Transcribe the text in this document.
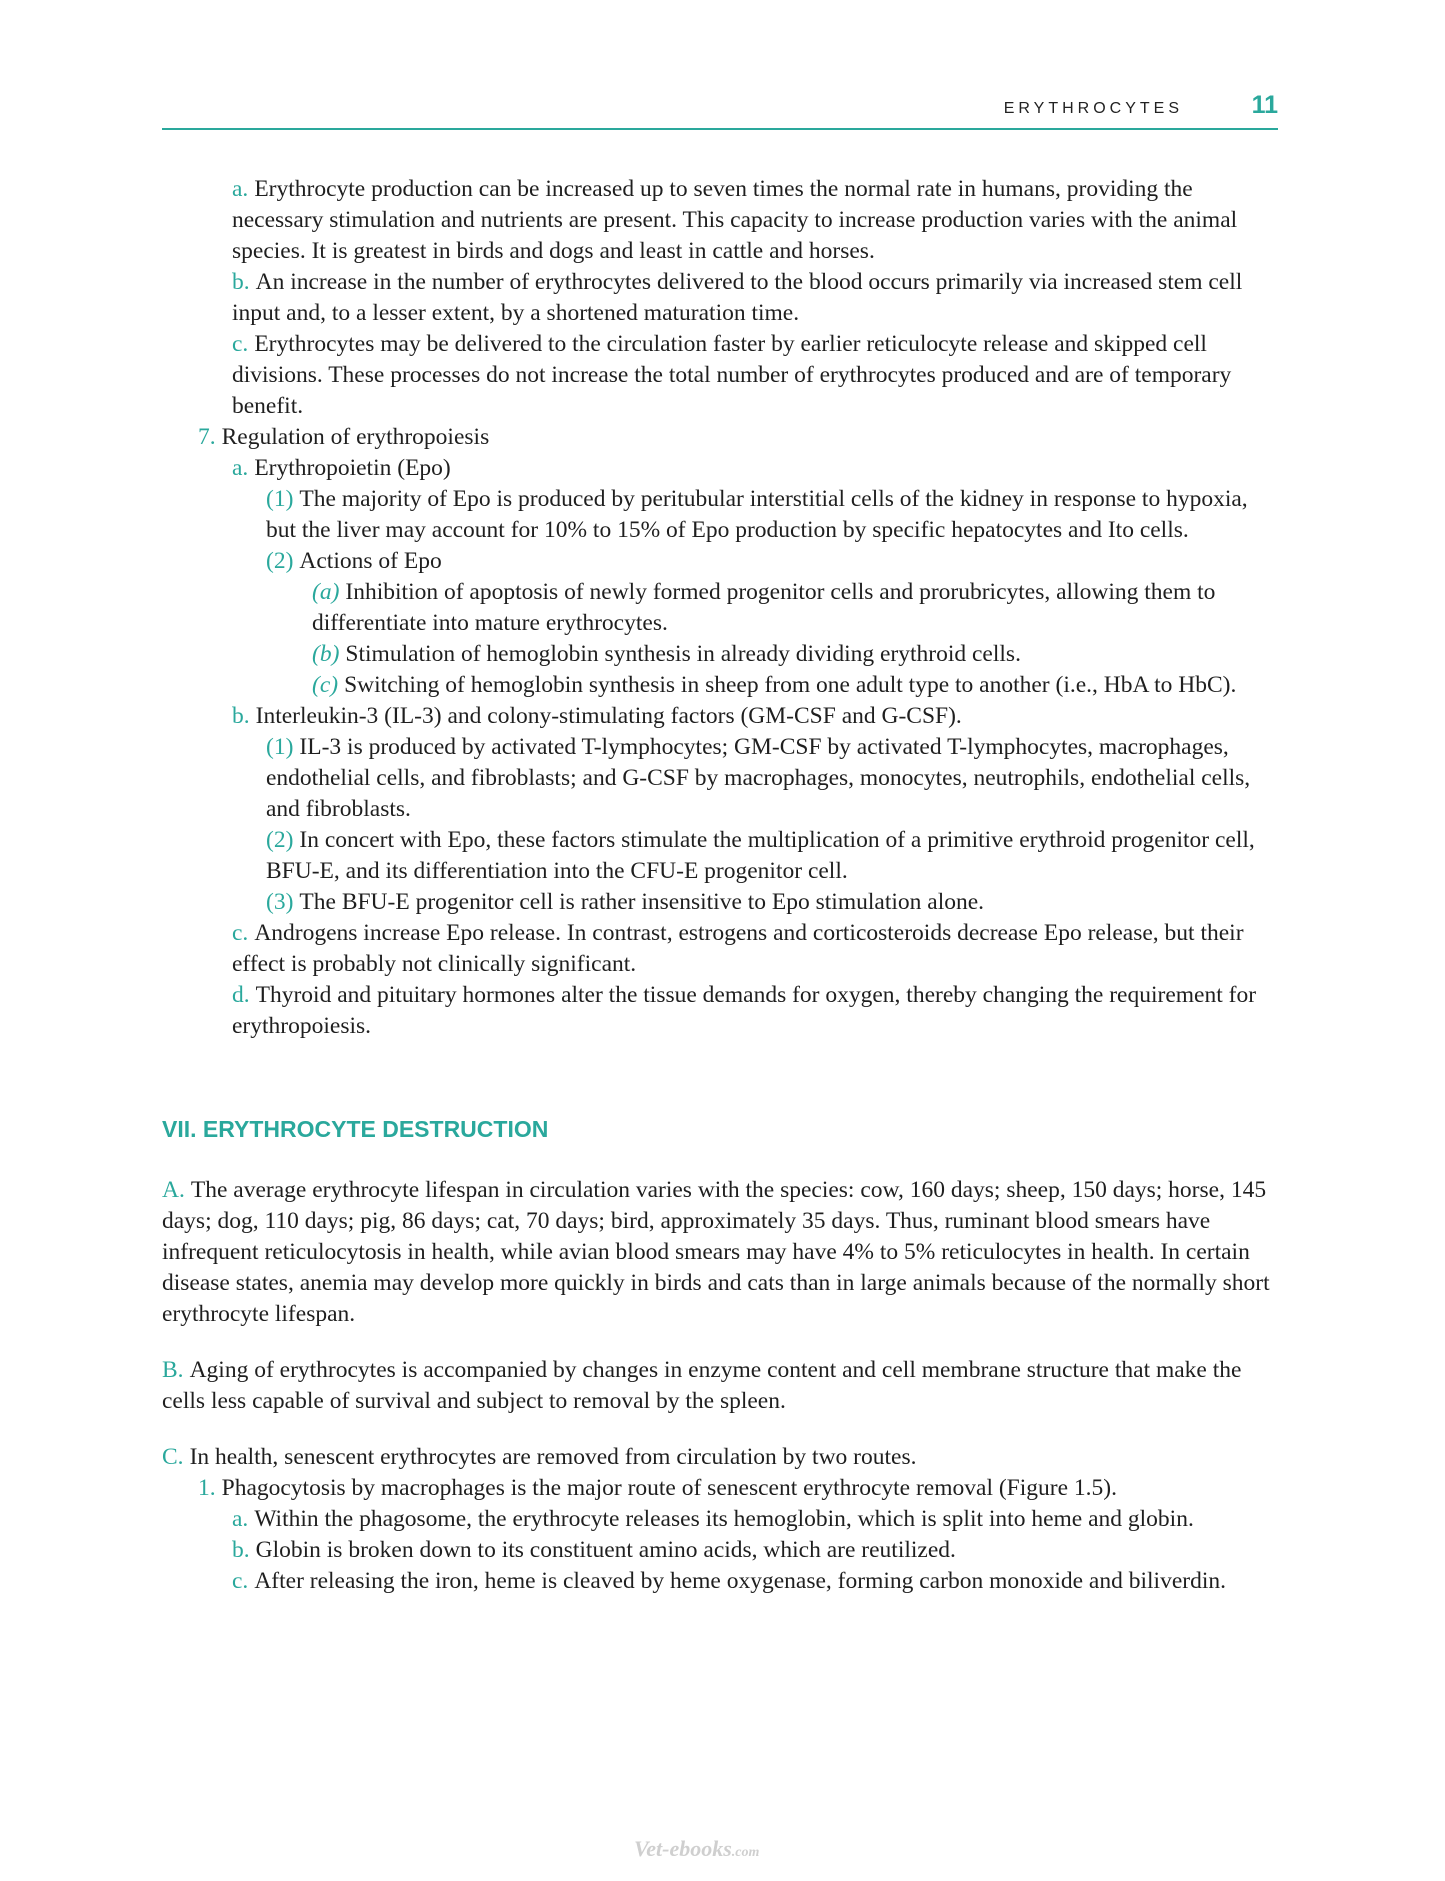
ERYTHROCYTES	11

a. Erythrocyte production can be increased up to seven times the normal rate in humans, providing the necessary stimulation and nutrients are present. This capacity to increase production varies with the animal species. It is greatest in birds and dogs and least in cattle and horses.

b. An increase in the number of erythrocytes delivered to the blood occurs primarily via increased stem cell input and, to a lesser extent, by a shortened maturation time.

c. Erythrocytes may be delivered to the circulation faster by earlier reticulocyte release and skipped cell divisions. These processes do not increase the total number of erythrocytes produced and are of temporary benefit.

7. Regulation of erythropoiesis

a. Erythropoietin (Epo)

(1) The majority of Epo is produced by peritubular interstitial cells of the kidney in response to hypoxia, but the liver may account for 10% to 15% of Epo production by specific hepatocytes and Ito cells.

(2) Actions of Epo

(a) Inhibition of apoptosis of newly formed progenitor cells and prorubricytes, allowing them to differentiate into mature erythrocytes.

(b) Stimulation of hemoglobin synthesis in already dividing erythroid cells.

(c) Switching of hemoglobin synthesis in sheep from one adult type to another (i.e., HbA to HbC).

b. Interleukin-3 (IL-3) and colony-stimulating factors (GM-CSF and G-CSF).

(1) IL-3 is produced by activated T-lymphocytes; GM-CSF by activated T-lymphocytes, macrophages, endothelial cells, and fibroblasts; and G-CSF by macrophages, monocytes, neutrophils, endothelial cells, and fibroblasts.

(2) In concert with Epo, these factors stimulate the multiplication of a primitive erythroid progenitor cell, BFU-E, and its differentiation into the CFU-E progenitor cell.

(3) The BFU-E progenitor cell is rather insensitive to Epo stimulation alone.

c. Androgens increase Epo release. In contrast, estrogens and corticosteroids decrease Epo release, but their effect is probably not clinically significant.

d. Thyroid and pituitary hormones alter the tissue demands for oxygen, thereby changing the requirement for erythropoiesis.

VII. ERYTHROCYTE DESTRUCTION

A. The average erythrocyte lifespan in circulation varies with the species: cow, 160 days; sheep, 150 days; horse, 145 days; dog, 110 days; pig, 86 days; cat, 70 days; bird, approximately 35 days. Thus, ruminant blood smears have infrequent reticulocytosis in health, while avian blood smears may have 4% to 5% reticulocytes in health. In certain disease states, anemia may develop more quickly in birds and cats than in large animals because of the normally short erythrocyte lifespan.

B. Aging of erythrocytes is accompanied by changes in enzyme content and cell membrane structure that make the cells less capable of survival and subject to removal by the spleen.

C. In health, senescent erythrocytes are removed from circulation by two routes.

1. Phagocytosis by macrophages is the major route of senescent erythrocyte removal (Figure 1.5).

a. Within the phagosome, the erythrocyte releases its hemoglobin, which is split into heme and globin.

b. Globin is broken down to its constituent amino acids, which are reutilized.

c. After releasing the iron, heme is cleaved by heme oxygenase, forming carbon monoxide and biliverdin.

Vet-ebooks.com
